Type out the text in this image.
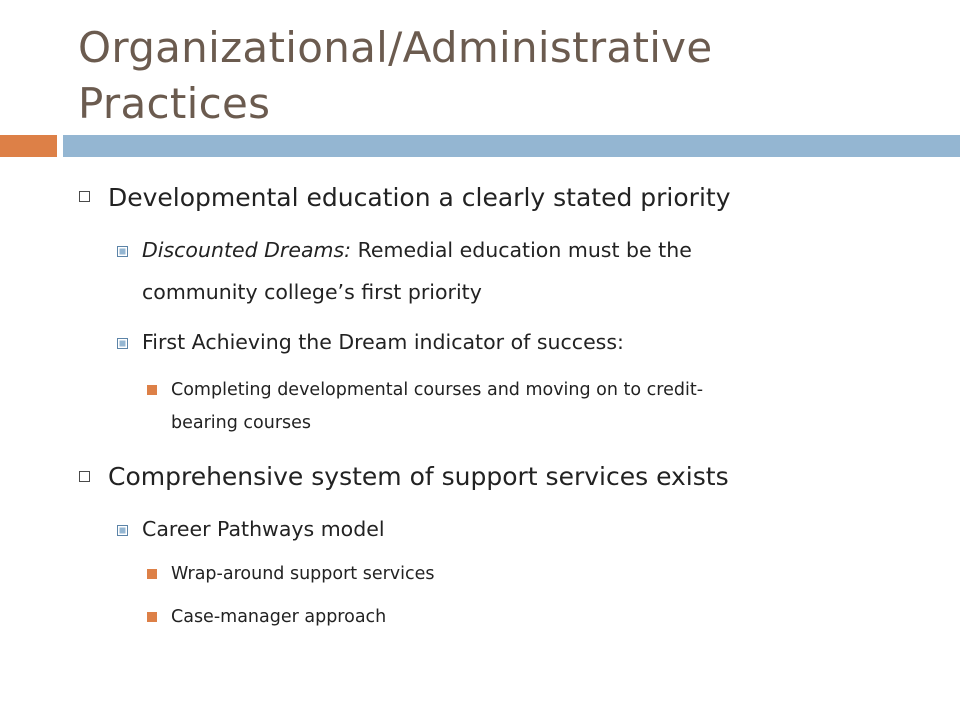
Organizational/Administrative
Practices
Developmental education a clearly stated priority
Discounted Dreams: Remedial education must be the
community college’s first priority
First Achieving the Dream indicator of success:
Completing developmental courses and moving on to credit-
bearing courses
Comprehensive system of support services exists
Career Pathways model
Wrap-around support services
Case-manager approach
